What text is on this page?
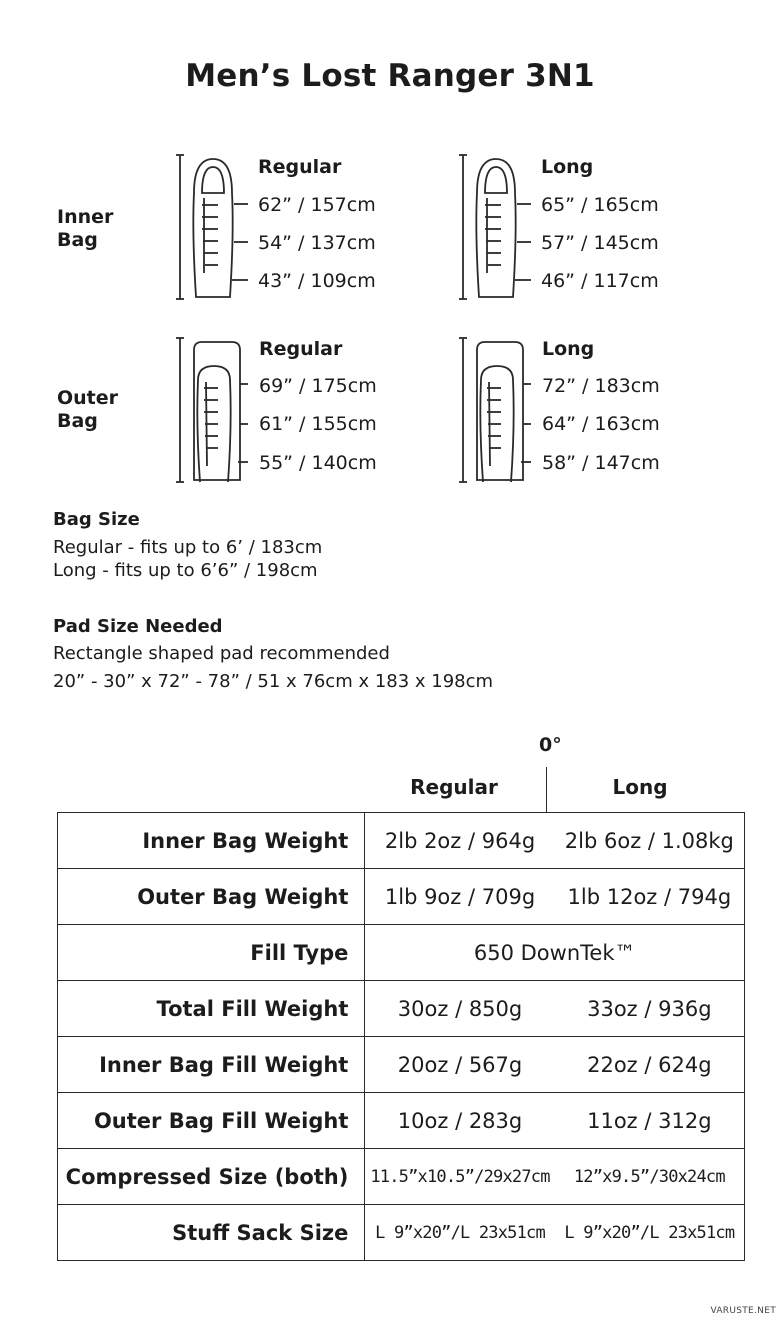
Men’s Lost Ranger 3N1
Inner
Bag
Regular
62” / 157cm
54” / 137cm
43” / 109cm
Long
65” / 165cm
57” / 145cm
46” / 117cm
Outer
Bag
Regular
69” / 175cm
61” / 155cm
55” / 140cm
Long
72” / 183cm
64” / 163cm
58” / 147cm
Bag Size
Regular - fits up to 6’ / 183cm
Long - fits up to 6’6” / 198cm
Pad Size Needed
Rectangle shaped pad recommended
20” - 30” x 72” - 78” / 51 x 76cm x 183 x 198cm
0°
Regular	Long
Inner Bag Weight	2lb 2oz / 964g	2lb 6oz / 1.08kg
Outer Bag Weight	1lb 9oz / 709g	1lb 12oz / 794g
Fill Type	650 DownTek™	
Total Fill Weight	30oz / 850g	33oz / 936g
Inner Bag Fill Weight	20oz / 567g	22oz / 624g
Outer Bag Fill Weight	10oz / 283g	11oz / 312g
Compressed Size (both)	11.5”x10.5”/29x27cm	12”x9.5”/30x24cm
Stuff Sack Size	L 9”x20”/L 23x51cm	L 9”x20”/L 23x51cm
VARUSTE.NET
